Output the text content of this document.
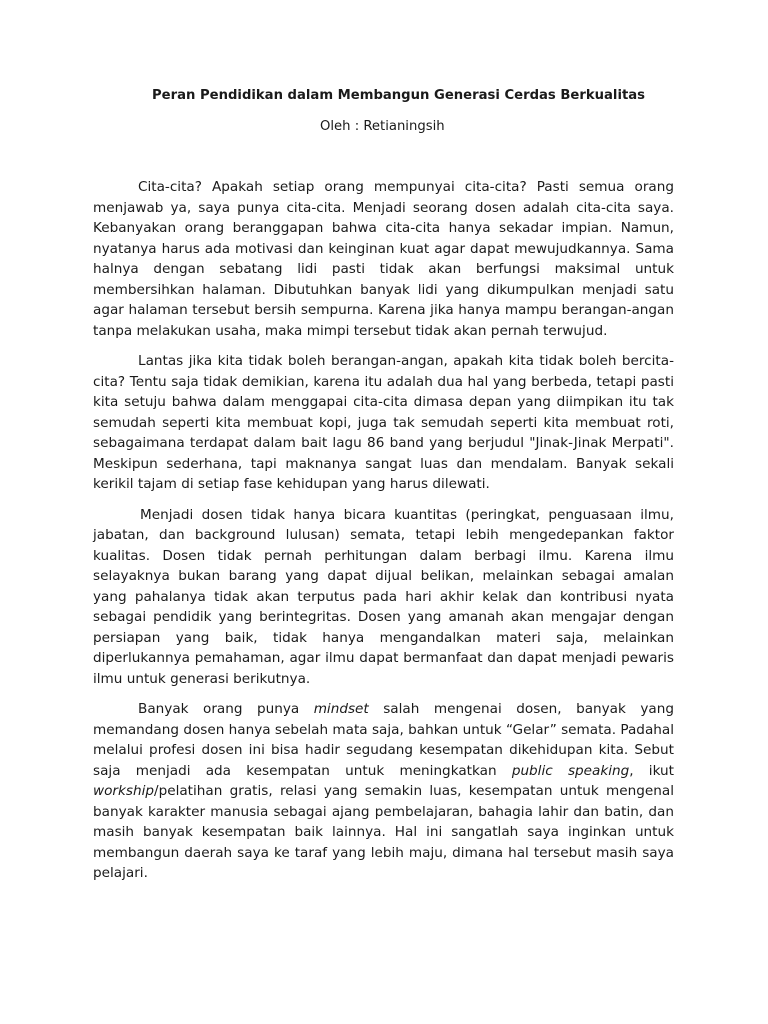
Peran Pendidikan dalam Membangun Generasi Cerdas Berkualitas

Oleh : Retianingsih

Cita-cita? Apakah setiap orang mempunyai cita-cita? Pasti semua orang menjawab ya, saya punya cita-cita. Menjadi seorang dosen adalah cita-cita saya. Kebanyakan orang beranggapan bahwa cita-cita hanya sekadar impian. Namun, nyatanya harus ada motivasi dan keinginan kuat agar dapat mewujudkannya. Sama halnya dengan sebatang lidi pasti tidak akan berfungsi maksimal untuk membersihkan halaman. Dibutuhkan banyak lidi yang dikumpulkan menjadi satu agar halaman tersebut bersih sempurna. Karena jika hanya mampu berangan-angan tanpa melakukan usaha, maka mimpi tersebut tidak akan pernah terwujud.

Lantas jika kita tidak boleh berangan-angan, apakah kita tidak boleh bercita-cita? Tentu saja tidak demikian, karena itu adalah dua hal yang berbeda, tetapi pasti kita setuju bahwa dalam menggapai cita-cita dimasa depan yang diimpikan itu tak semudah seperti kita membuat kopi, juga tak semudah seperti kita membuat roti, sebagaimana terdapat dalam bait lagu 86 band yang berjudul "Jinak-Jinak Merpati". Meskipun sederhana, tapi maknanya sangat luas dan mendalam. Banyak sekali kerikil tajam di setiap fase kehidupan yang harus dilewati.

Menjadi dosen tidak hanya bicara kuantitas (peringkat, penguasaan ilmu, jabatan, dan background lulusan) semata, tetapi lebih mengedepankan faktor kualitas. Dosen tidak pernah perhitungan dalam berbagi ilmu. Karena ilmu selayaknya bukan barang yang dapat dijual belikan, melainkan sebagai amalan yang pahalanya tidak akan terputus pada hari akhir kelak dan kontribusi nyata sebagai pendidik yang berintegritas. Dosen yang amanah akan mengajar dengan persiapan yang baik, tidak hanya mengandalkan materi saja, melainkan diperlukannya pemahaman, agar ilmu dapat bermanfaat dan dapat menjadi pewaris ilmu untuk generasi berikutnya.

Banyak orang punya mindset salah mengenai dosen, banyak yang memandang dosen hanya sebelah mata saja, bahkan untuk “Gelar” semata. Padahal melalui profesi dosen ini bisa hadir segudang kesempatan dikehidupan kita. Sebut saja menjadi ada kesempatan untuk meningkatkan public speaking, ikut workship/pelatihan gratis, relasi yang semakin luas, kesempatan untuk mengenal banyak karakter manusia sebagai ajang pembelajaran, bahagia lahir dan batin, dan masih banyak kesempatan baik lainnya. Hal ini sangatlah saya inginkan untuk membangun daerah saya ke taraf yang lebih maju, dimana hal tersebut masih saya pelajari.
